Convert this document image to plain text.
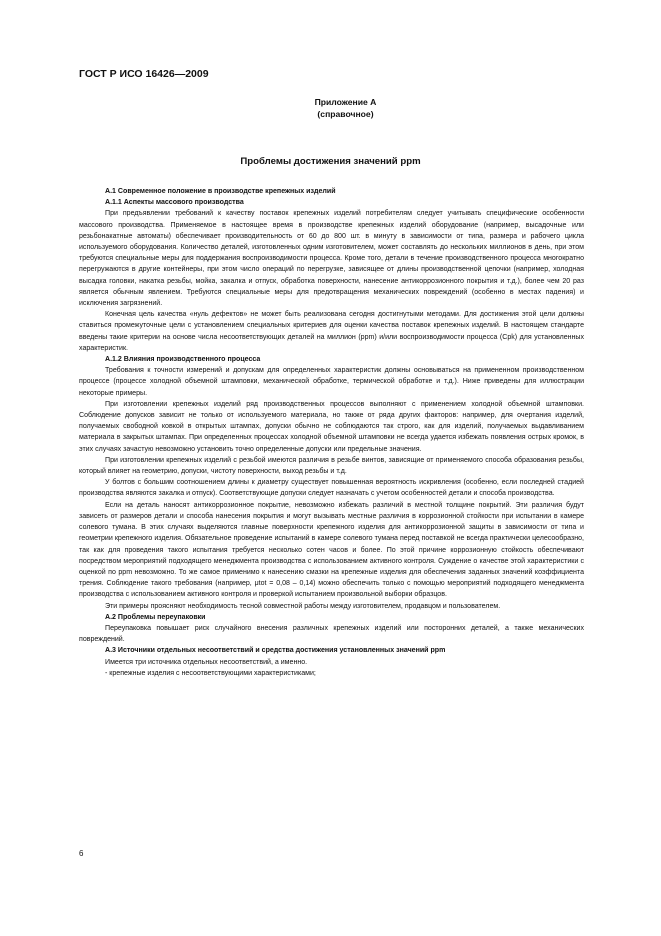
ГОСТ Р ИСО 16426—2009
Приложение А
(справочное)
Проблемы достижения значений ppm

А.1 Современное положение в производстве крепежных изделий

А.1.1 Аспекты массового производства

При предъявлении требований к качеству поставок крепежных изделий потребителям следует учитывать специфические особенности массового производства. Применяемое в настоящее время в производстве крепежных изделий оборудование (например, высадочные или резьбонакатные автоматы) обеспечивает производительность от 60 до 800 шт. в минуту в зависимости от типа, размера и рабочего цикла используемого оборудования. Количество деталей, изготовленных одним изготовителем, может составлять до нескольких миллионов в день, при этом требуются специальные меры для поддержания воспроизводимости процесса. Кроме того, детали в течение производственного процесса многократно перегружаются в другие контейнеры, при этом число операций по перегрузке, зависящее от длины производственной цепочки (например, холодная высадка головки, накатка резьбы, мойка, закалка и отпуск, обработка поверхности, нанесение антикоррозионного покрытия и т.д.), более чем 20 раз является обычным явлением. Требуются специальные меры для предотвращения механических повреждений (особенно в местах падения) и исключения загрязнений.

Конечная цель качества «нуль дефектов» не может быть реализована сегодня достигнутыми методами. Для достижения этой цели должны ставиться промежуточные цели с установлением специальных критериев для оценки качества поставок крепежных изделий. В настоящем стандарте введены такие критерии на основе числа несоответствующих деталей на миллион (ppm) и/или воспроизводимости процесса (Cpk) для установленных характеристик.

А.1.2 Влияния производственного процесса

Требования к точности измерений и допускам для определенных характеристик должны основываться на примененном производственном процессе (процессе холодной объемной штамповки, механической обработке, термической обработке и т.д.). Ниже приведены для иллюстрации некоторые примеры.

При изготовлении крепежных изделий ряд производственных процессов выполняют с применением холодной объемной штамповки. Соблюдение допусков зависит не только от используемого материала, но также от ряда других факторов: например, для очертания изделий, получаемых свободной ковкой в открытых штампах, допуски обычно не соблюдаются так строго, как для изделий, получаемых выдавливанием материала в закрытых штампах. При определенных процессах холодной объемной штамповки не всегда удается избежать появления острых кромок, в этих случаях зачастую невозможно установить точно определенные допуски или предельные значения.

При изготовлении крепежных изделий с резьбой имеются различия в резьбе винтов, зависящие от применяемого способа образования резьбы, который влияет на геометрию, допуски, чистоту поверхности, выход резьбы и т.д.

У болтов с большим соотношением длины к диаметру существует повышенная вероятность искривления (особенно, если последней стадией производства являются закалка и отпуск). Соответствующие допуски следует назначать с учетом особенностей детали и способа производства.

Если на деталь наносят антикоррозионное покрытие, невозможно избежать различий в местной толщине покрытий. Эти различия будут зависеть от размеров детали и способа нанесения покрытия и могут вызывать местные различия в коррозионной стойкости при испытании в камере солевого тумана. В этих случаях выделяются главные поверхности крепежного изделия для антикоррозионной защиты в зависимости от типа и геометрии крепежного изделия. Обязательное проведение испытаний в камере солевого тумана перед поставкой не всегда практически целесообразно, так как для проведения такого испытания требуется несколько сотен часов и более. По этой причине коррозионную стойкость обеспечивают посредством мероприятий подходящего менеджмента производства с использованием активного контроля. Суждение о качестве этой характеристики с оценкой по ppm невозможно. То же самое применимо к нанесению смазки на крепежные изделия для обеспечения заданных значений коэффициента трения. Соблюдение такого требования (например, μtot = 0,08 – 0,14) можно обеспечить только с помощью мероприятий подходящего менеджмента производства с использованием активного контроля и проверкой испытанием произвольной выборки образцов.

Эти примеры проясняют необходимость тесной совместной работы между изготовителем, продавцом и пользователем.

А.2 Проблемы переупаковки

Переупаковка повышает риск случайного внесения различных крепежных изделий или посторонних деталей, а также механических повреждений.

А.3 Источники отдельных несоответствий и средства достижения установленных значений ppm

Имеется три источника отдельных несоответствий, а именно.

- крепежные изделия с несоответствующими характеристиками;

6
